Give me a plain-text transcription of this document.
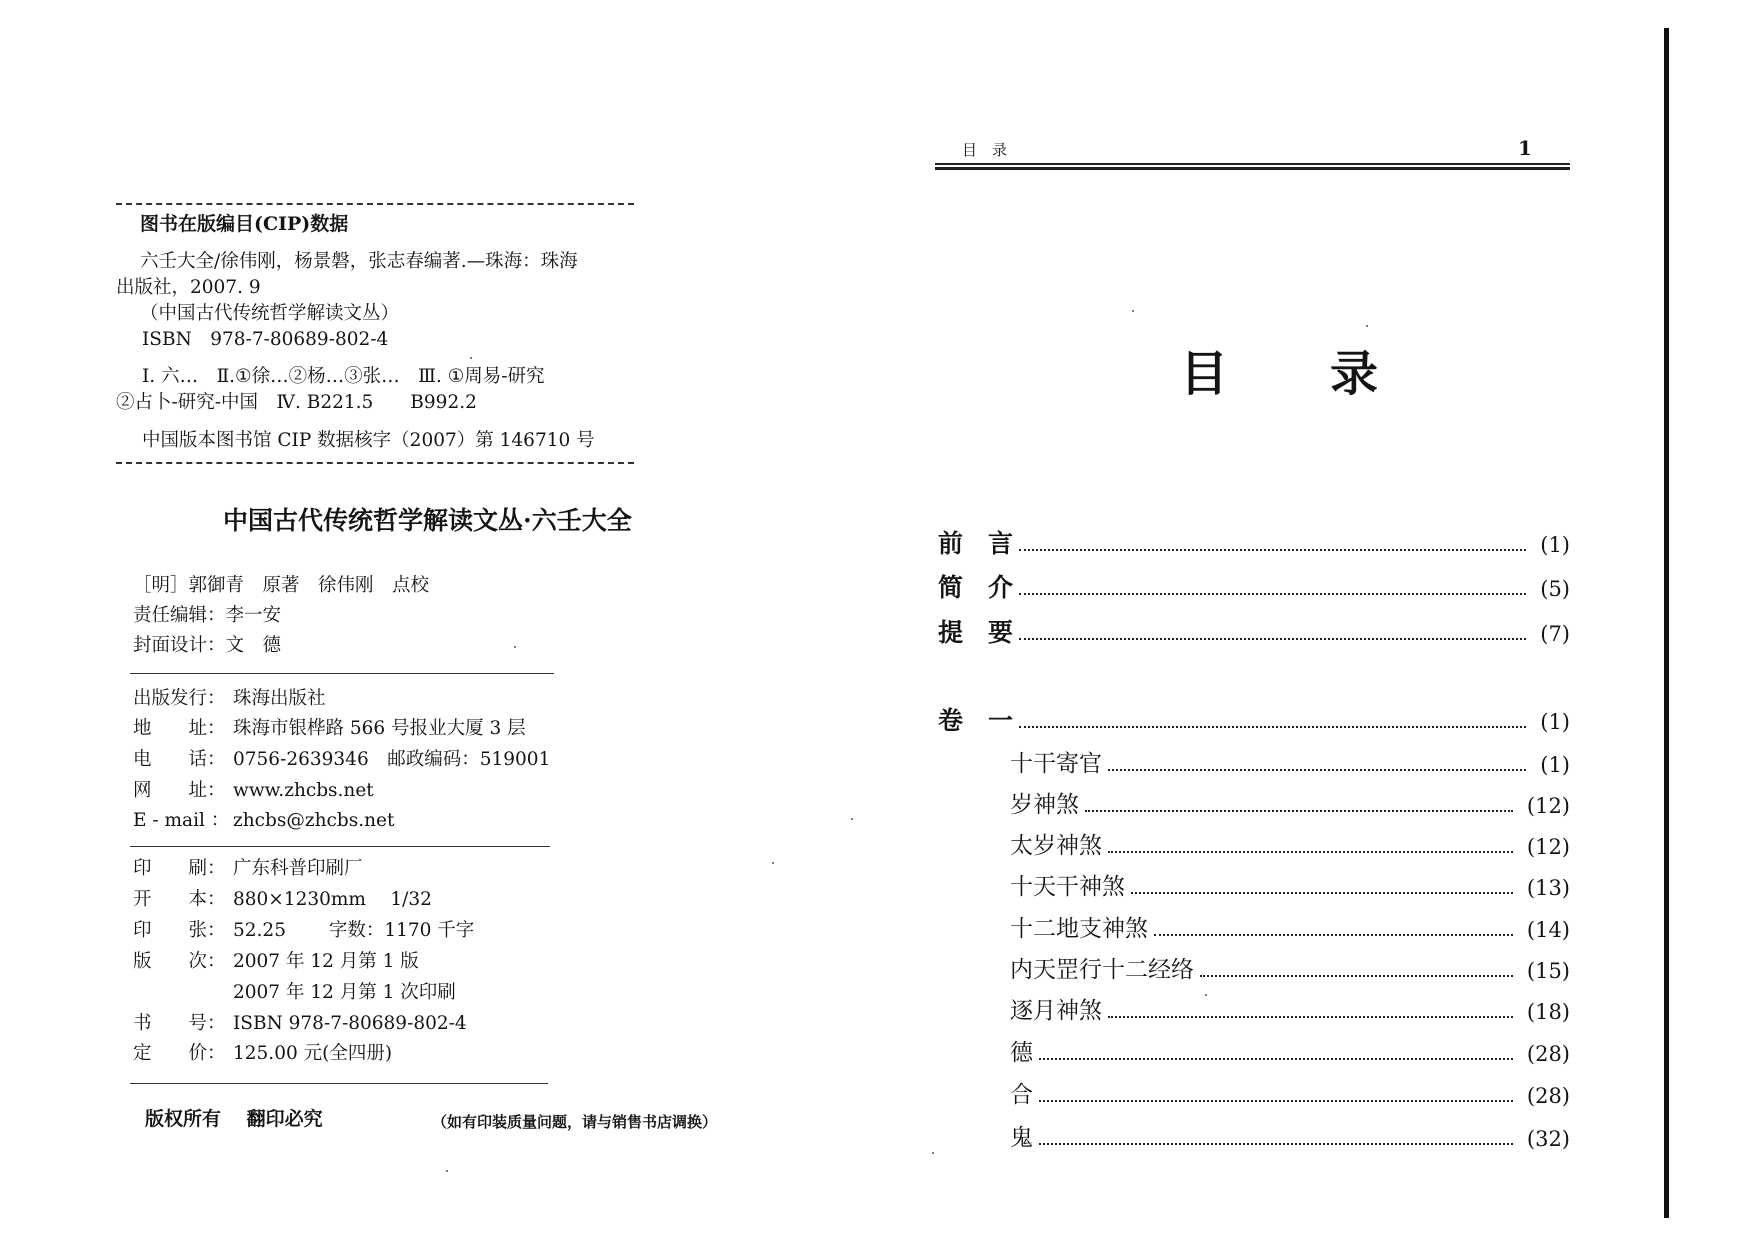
图书在版编目(CIP)数据
六壬大全/徐伟刚，杨景磐，张志春编著.—珠海：珠海
出版社，2007. 9
（中国古代传统哲学解读文丛）
ISBN　978-7-80689-802-4
Ⅰ. 六…　Ⅱ.①徐…②杨…③张…　Ⅲ. ①周易-研究
②占卜-研究-中国　Ⅳ. B221.5　　B992.2
中国版本图书馆 CIP 数据核字（2007）第 146710 号
中国古代传统哲学解读文丛·六壬大全
［明］郭御青　原著　徐伟刚　点校
责任编辑：李一安
封面设计：文　德
出版发行： 珠海出版社
地　　址： 珠海市银桦路 566 号报业大厦 3 层
电　　话： 0756-2639346　邮政编码：519001
网　　址： www.zhcbs.net
E - mail ： zhcbs@zhcbs.net
印　　刷： 广东科普印刷厂
开　　本： 880×1230mm　 1/32
印　　张： 52.25　　 字数：1170 千字
版　　次： 2007 年 12 月第 1 版
2007 年 12 月第 1 次印刷
书　　号： ISBN 978-7-80689-802-4
定　　价： 125.00 元(全四册)
版权所有　 翻印必究	（如有印装质量问题，请与销售书店调换）
目　录	1
目　　录
前　言	(1)
简　介	(5)
提　要	(7)
卷　一	(1)
十干寄官	(1)
岁神煞	(12)
太岁神煞	(12)
十天干神煞	(13)
十二地支神煞	(14)
内天罡行十二经络	(15)
逐月神煞	(18)
德	(28)
合	(28)
鬼	(32)
